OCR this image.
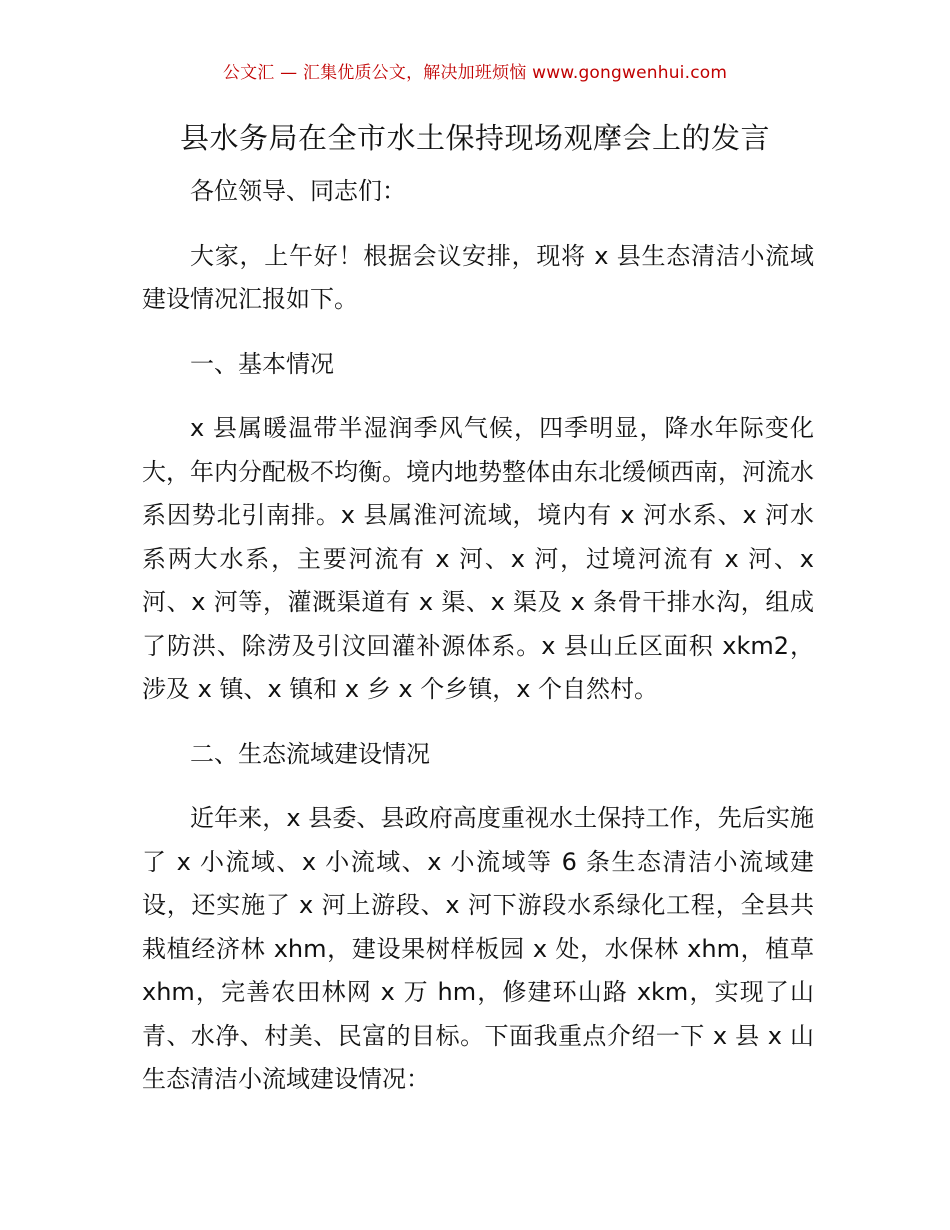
公文汇 — 汇集优质公文，解决加班烦恼 www.gongwenhui.com
县水务局在全市水土保持现场观摩会上的发言

各位领导、同志们：

大家，上午好！根据会议安排，现将 x 县生态清洁小流域建设情况汇报如下。

一、基本情况

x 县属暖温带半湿润季风气候，四季明显，降水年际变化大，年内分配极不均衡。境内地势整体由东北缓倾西南，河流水系因势北引南排。x 县属淮河流域，境内有 x 河水系、x 河水系两大水系，主要河流有 x 河、x 河，过境河流有 x 河、x 河、x 河等，灌溉渠道有 x 渠、x 渠及 x 条骨干排水沟，组成了防洪、除涝及引汶回灌补源体系。x 县山丘区面积 xkm2，涉及 x 镇、x 镇和 x 乡 x 个乡镇，x 个自然村。

二、生态流域建设情况

近年来，x 县委、县政府高度重视水土保持工作，先后实施了 x 小流域、x 小流域、x 小流域等 6 条生态清洁小流域建设，还实施了 x 河上游段、x 河下游段水系绿化工程，全县共栽植经济林 xhm，建设果树样板园 x 处，水保林 xhm，植草 xhm，完善农田林网 x 万 hm，修建环山路 xkm，实现了山青、水净、村美、民富的目标。下面我重点介绍一下 x 县 x 山生态清洁小流域建设情况：
